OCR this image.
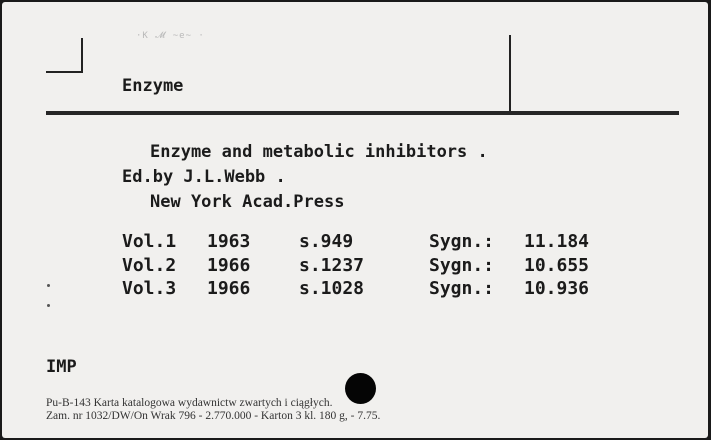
·K 𝓜 ~e~ ·
Enzyme
Enzyme and metabolic inhibitors .
Ed.by J.L.Webb .
New York Acad.Press
Vol.1 1963	s.949	Sygn.: 11.184
Vol.2 1966	s.1237	Sygn.: 10.655
Vol.3 1966	s.1028	Sygn.: 10.936
IMP
Pu-B-143 Karta katalogowa wydawnictw zwartych i ciągłych.
Zam. nr 1032/DW/On Wrak 796 - 2.770.000 - Karton 3 kl. 180 g, - 7.75.
